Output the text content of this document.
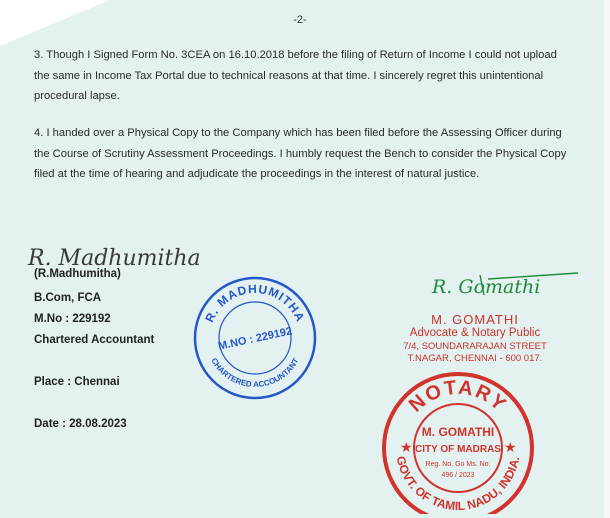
-2-

3. Though I Signed Form No. 3CEA on 16.10.2018 before the filing of Return of Income I could not upload the same in Income Tax Portal due to technical reasons at that time. I sincerely regret this unintentional procedural lapse.

4. I handed over a Physical Copy to the Company which has been filed before the Assessing Officer during the Course of Scrutiny Assessment Proceedings. I humbly request the Bench to consider the Physical Copy filed at the time of hearing and adjudicate the proceedings in the interest of natural justice.

R. Madhumitha
(R.Madhumitha)
B.Com, FCA
M.No : 229192
Chartered Accountant
Place : Chennai
Date : 28.08.2023
R. MADHUMITHA
CHARTERED ACCOUNTANT
M.NO : 229192
R. Gomathi
M. GOMATHI
Advocate & Notary Public
7/4, SOUNDARARAJAN STREET
T.NAGAR, CHENNAI - 600 017.
NOTARY
GOVT. OF TAMIL NADU, INDIA.
★	★
M. GOMATHI
CITY OF MADRAS
Reg. No. Go Ms. No.
496 / 2023
